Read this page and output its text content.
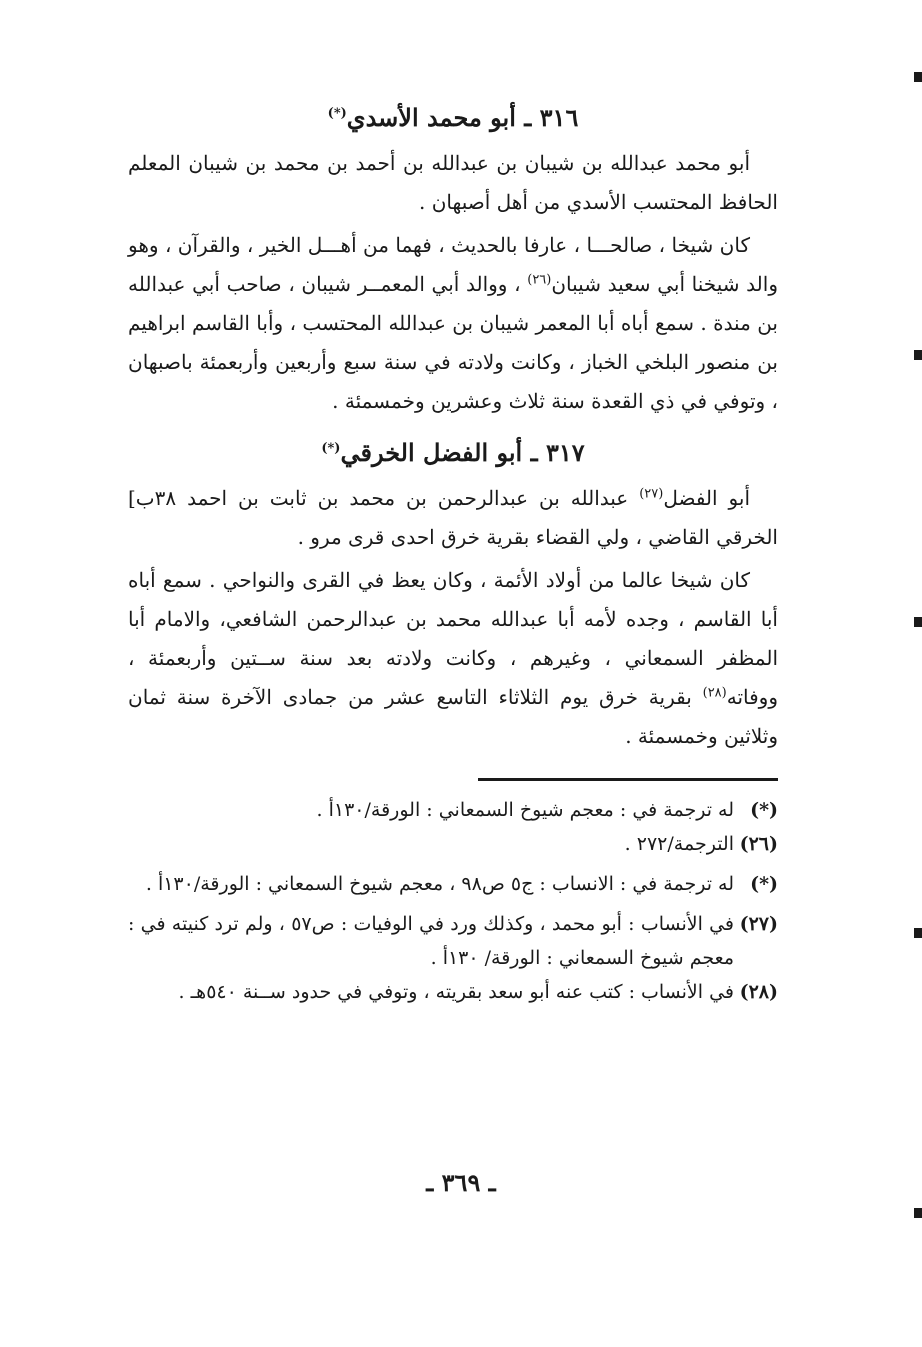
٣١٦ ـ أبو محمد الأسدي(*)

أبو محمد عبدالله بن شيبان بن عبدالله بن أحمد بن محمد بن شيبان المعلم الحافظ المحتسب الأسدي من أهل أصبهان .

كان شيخا ، صالحـــا ، عارفا بالحديث ، فهما من أهـــل الخير ، والقرآن ، وهو والد شيخنا أبي سعيد شيبان$^{(٢٦)}$ ، ووالد أبي المعمــر شيبان ، صاحب أبي عبدالله بن مندة . سمع أباه أبا المعمر شيبان بن عبدالله المحتسب ، وأبا القاسم ابراهيم بن منصور البلخي الخباز ، وكانت ولادته في سنة سبع وأربعين وأربعمئة باصبهان ، وتوفي في ذي القعدة سنة ثلاث وعشرين وخمسمئة .

٣١٧ ـ أبو الفضل الخرقي(*)

أبو الفضل$^{(٢٧)}$ عبدالله بن عبدالرحمن بن محمد بن ثابت بن احمد ٣٨ب] الخرقي القاضي ، ولي القضاء بقرية خرق احدى قرى مرو .

كان شيخا عالما من أولاد الأئمة ، وكان يعظ في القرى والنواحي . سمع أباه أبا القاسم ، وجده لأمه أبا عبدالله محمد بن عبدالرحمن الشافعي، والامام أبا المظفر السمعاني ، وغيرهم ، وكانت ولادته بعد سنة ســتين وأربعمئة ، ووفاته$^{(٢٨)}$ بقرية خرق يوم الثلاثاء التاسع عشر من جمادى الآخرة سنة ثمان وثلاثين وخمسمئة .

(*)
له ترجمة في : معجم شيوخ السمعاني : الورقة/١٣٠أ .
(٢٦)
الترجمة/٢٧٢ .
(*)
له ترجمة في : الانساب : ج٥ ص٩٨ ، معجم شيوخ السمعاني : الورقة/١٣٠أ .
(٢٧)
في الأنساب : أبو محمد ، وكذلك ورد في الوفيات : ص٥٧ ، ولم ترد كنيته في : معجم شيوخ السمعاني : الورقة/ ١٣٠أ .
(٢٨)
في الأنساب : كتب عنه أبو سعد بقريته ، وتوفي في حدود ســنة ٥٤٠هـ .
ـ ٣٦٩ ـ
